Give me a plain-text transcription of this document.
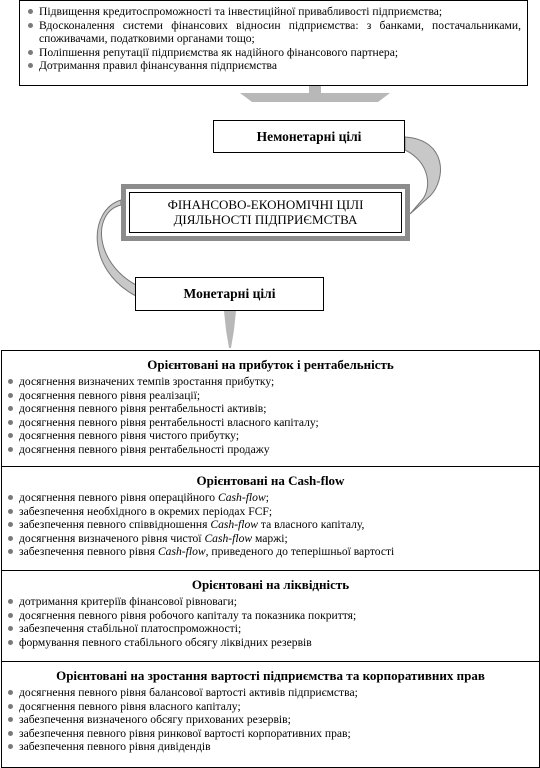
Підвищення кредитоспроможності та інвестиційної привабливості підприємства;
Вдосконалення системи фінансових відносин підприємства: з банками, постачальниками, споживачами, податковими органами тощо;
Поліпшення репутації підприємства як надійного фінансового партнера;
Дотримання правил фінансування підприємства
Немонетарні цілі
ФІНАНСОВО-ЕКОНОМІЧНІ ЦІЛІ
ДІЯЛЬНОСТІ ПІДПРИЄМСТВА
Монетарні цілі
Орієнтовані на прибуток і рентабельність
досягнення визначених темпів зростання прибутку;
досягнення певного рівня реалізації;
досягнення певного рівня рентабельності активів;
досягнення певного рівня рентабельності власного капіталу;
досягнення певного рівня чистого прибутку;
досягнення певного рівня рентабельності продажу
Орієнтовані на Cash-flow
досягнення певного рівня операційного Cash-flow;
забезпечення необхідного в окремих періодах FCF;
забезпечення певного співвідношення Cash-flow та власного капіталу,
досягнення визначеного рівня чистої Cash-flow маржі;
забезпечення певного рівня Cash-flow, приведеного до теперішньої вартості
Орієнтовані на ліквідність
дотримання критеріїв фінансової рівноваги;
досягнення певного рівня робочого капіталу та показника покриття;
забезпечення стабільної платоспроможності;
формування певного стабільного обсягу ліквідних резервів
Орієнтовані на зростання вартості підприємства та корпоративних прав
досягнення певного рівня балансової вартості активів підприємства;
досягнення певного рівня власного капіталу;
забезпечення визначеного обсягу прихованих резервів;
забезпечення певного рівня ринкової вартості корпоративних прав;
забезпечення певного рівня дивідендів
